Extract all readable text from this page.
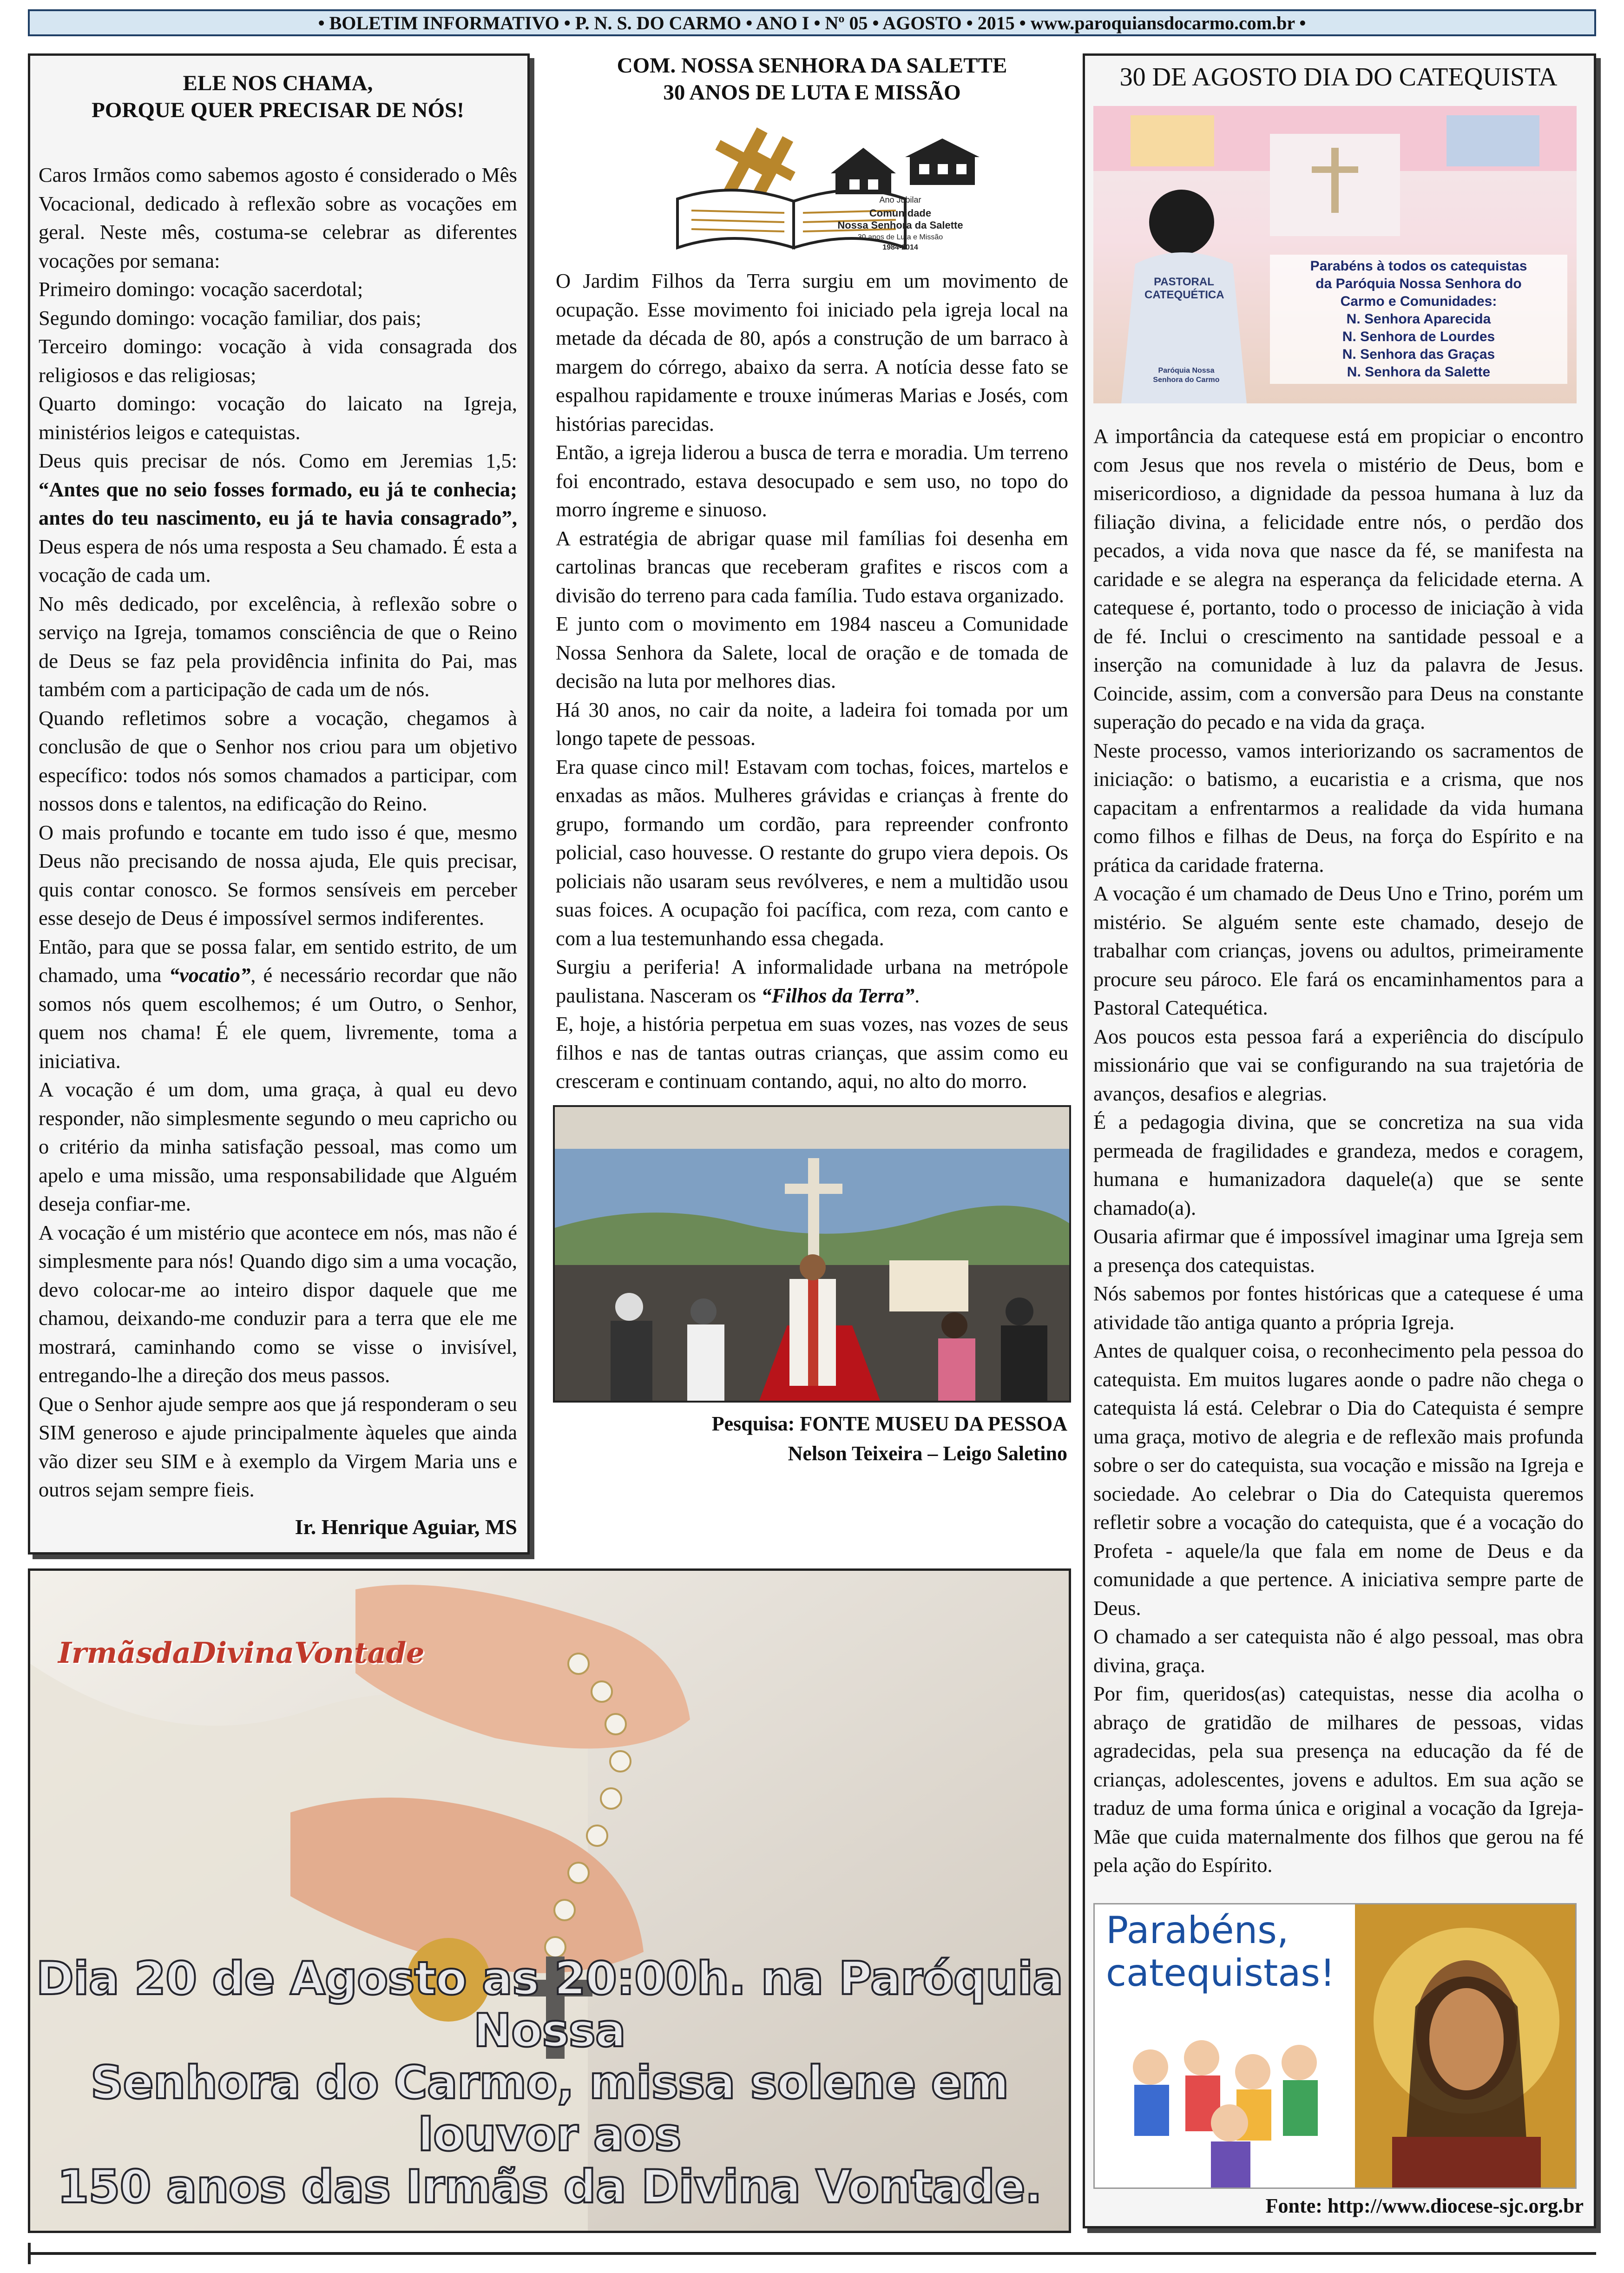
• BOLETIM INFORMATIVO • P. N. S. DO CARMO • ANO I • Nº 05 • AGOSTO • 2015 • www.paroquiansdocarmo.com.br •
ELE NOS CHAMA,
PORQUE QUER PRECISAR DE NÓS!

Caros Irmãos como sabemos agosto é considerado o Mês Vocacional, dedicado à reflexão sobre as vocações em geral. Neste mês, costuma-se celebrar as diferentes vocações por semana:

Primeiro domingo: vocação sacerdotal;

Segundo domingo: vocação familiar, dos pais;

Terceiro domingo: vocação à vida consagrada dos religiosos e das religiosas;

Quarto domingo: vocação do laicato na Igreja, ministérios leigos e catequistas.

Deus quis precisar de nós. Como em Jeremias 1,5: “Antes que no seio fosses formado, eu já te conhecia; antes do teu nascimento, eu já te havia consagrado”, Deus espera de nós uma resposta a Seu chamado. É esta a vocação de cada um.

No mês dedicado, por excelência, à reflexão sobre o serviço na Igreja, tomamos consciência de que o Reino de Deus se faz pela providência infinita do Pai, mas também com a participação de cada um de nós.

Quando refletimos sobre a vocação, chegamos à conclusão de que o Senhor nos criou para um objetivo específico: todos nós somos chamados a participar, com nossos dons e talentos, na edificação do Reino.

O mais profundo e tocante em tudo isso é que, mesmo Deus não precisando de nossa ajuda, Ele quis precisar, quis contar conosco. Se formos sensíveis em perceber esse desejo de Deus é impossível sermos indiferentes.

Então, para que se possa falar, em sentido estrito, de um chamado, uma “vocatio”, é necessário recordar que não somos nós quem escolhemos; é um Outro, o Senhor, quem nos chama! É ele quem, livremente, toma a iniciativa.

A vocação é um dom, uma graça, à qual eu devo responder, não simplesmente segundo o meu capricho ou o critério da minha satisfação pessoal, mas como um apelo e uma missão, uma responsabilidade que Alguém deseja confiar-me.

A vocação é um mistério que acontece em nós, mas não é simplesmente para nós! Quando digo sim a uma vocação, devo colocar-me ao inteiro dispor daquele que me chamou, deixando-me conduzir para a terra que ele me mostrará, caminhando como se visse o invisível, entregando-lhe a direção dos meus passos.

Que o Senhor ajude sempre aos que já responderam o seu SIM generoso e ajude principalmente àqueles que ainda vão dizer seu SIM e à exemplo da Virgem Maria uns e outros sejam sempre fieis.

Ir. Henrique Aguiar, MS
COM. NOSSA SENHORA DA SALETTE
30 ANOS DE LUTA E MISSÃO
Ano Jubilar
Comunidade
Nossa Senhora da Salette
30 anos de Luta e Missão
1984-2014

O Jardim Filhos da Terra surgiu em um movimento de ocupação. Esse movimento foi iniciado pela igreja local na metade da década de 80, após a construção de um barraco à margem do córrego, abaixo da serra. A notícia desse fato se espalhou rapidamente e trouxe inúmeras Marias e Josés, com histórias parecidas.

Então, a igreja liderou a busca de terra e moradia. Um terreno foi encontrado, estava desocupado e sem uso, no topo do morro íngreme e sinuoso.

A estratégia de abrigar quase mil famílias foi desenha em cartolinas brancas que receberam grafites e riscos com a divisão do terreno para cada família. Tudo estava organizado.

E junto com o movimento em 1984 nasceu a Comunidade Nossa Senhora da Salete, local de oração e de tomada de decisão na luta por melhores dias.

Há 30 anos, no cair da noite, a ladeira foi tomada por um longo tapete de pessoas.

Era quase cinco mil! Estavam com tochas, foices, martelos e enxadas as mãos. Mulheres grávidas e crianças à frente do grupo, formando um cordão, para repreender confronto policial, caso houvesse. O restante do grupo viera depois. Os policiais não usaram seus revólveres, e nem a multidão usou suas foices. A ocupação foi pacífica, com reza, com canto e com a lua testemunhando essa chegada.

Surgiu a periferia! A informalidade urbana na metrópole paulistana. Nasceram os “Filhos da Terra”.

E, hoje, a história perpetua em suas vozes, nas vozes de seus filhos e nas de tantas outras crianças, que assim como eu cresceram e continuam contando, aqui, no alto do morro.

Pesquisa: FONTE MUSEU DA PESSOA
Nelson Teixeira – Leigo Saletino
30 DE AGOSTO DIA DO CATEQUISTA
PASTORAL
CATEQUÉTICA
Paróquia Nossa Senhora do Carmo
Parabéns à todos os catequistas
da Paróquia Nossa Senhora do
Carmo e Comunidades:
N. Senhora Aparecida
N. Senhora de Lourdes
N. Senhora das Graças
N. Senhora da Salette

A importância da catequese está em propiciar o encontro com Jesus que nos revela o mistério de Deus, bom e misericordioso, a dignidade da pessoa humana à luz da filiação divina, a felicidade entre nós, o perdão dos pecados, a vida nova que nasce da fé, se manifesta na caridade e se alegra na esperança da felicidade eterna. A catequese é, portanto, todo o processo de iniciação à vida de fé. Inclui o crescimento na santidade pessoal e a inserção na comunidade à luz da palavra de Jesus. Coincide, assim, com a conversão para Deus na constante superação do pecado e na vida da graça.

Neste processo, vamos interiorizando os sacramentos de iniciação: o batismo, a eucaristia e a crisma, que nos capacitam a enfrentarmos a realidade da vida humana como filhos e filhas de Deus, na força do Espírito e na prática da caridade fraterna.

A vocação é um chamado de Deus Uno e Trino, porém um mistério. Se alguém sente este chamado, desejo de trabalhar com crianças, jovens ou adultos, primeiramente procure seu pároco. Ele fará os encaminhamentos para a Pastoral Catequética.

Aos poucos esta pessoa fará a experiência do discípulo missionário que vai se configurando na sua trajetória de avanços, desafios e alegrias.

É a pedagogia divina, que se concretiza na sua vida permeada de fragilidades e grandeza, medos e coragem, humana e humanizadora daquele(a) que se sente chamado(a).

Ousaria afirmar que é impossível imaginar uma Igreja sem a presença dos catequistas.

Nós sabemos por fontes históricas que a catequese é uma atividade tão antiga quanto a própria Igreja.

Antes de qualquer coisa, o reconhecimento pela pessoa do catequista. Em muitos lugares aonde o padre não chega o catequista lá está. Celebrar o Dia do Catequista é sempre uma graça, motivo de alegria e de reflexão mais profunda sobre o ser do catequista, sua vocação e missão na Igreja e sociedade. Ao celebrar o Dia do Catequista queremos refletir sobre a vocação do catequista, que é a vocação do Profeta - aquele/la que fala em nome de Deus e da comunidade a que pertence. A iniciativa sempre parte de Deus.

O chamado a ser catequista não é algo pessoal, mas obra divina, graça.

Por fim, queridos(as) catequistas, nesse dia acolha o abraço de gratidão de milhares de pessoas, vidas agradecidas, pela sua presença na educação da fé de crianças, adolescentes, jovens e adultos. Em sua ação se traduz de uma forma única e original a vocação da Igreja-Mãe que cuida maternalmente dos filhos que gerou na fé pela ação do Espírito.

Parabéns,
catequistas!
Fonte: http://www.diocese-sjc.org.br
IrmãsdaDivinaVontade
Dia 20 de Agosto as 20:00h. na Paróquia Nossa
Senhora do Carmo, missa solene em louvor aos
150 anos das Irmãs da Divina Vontade.
